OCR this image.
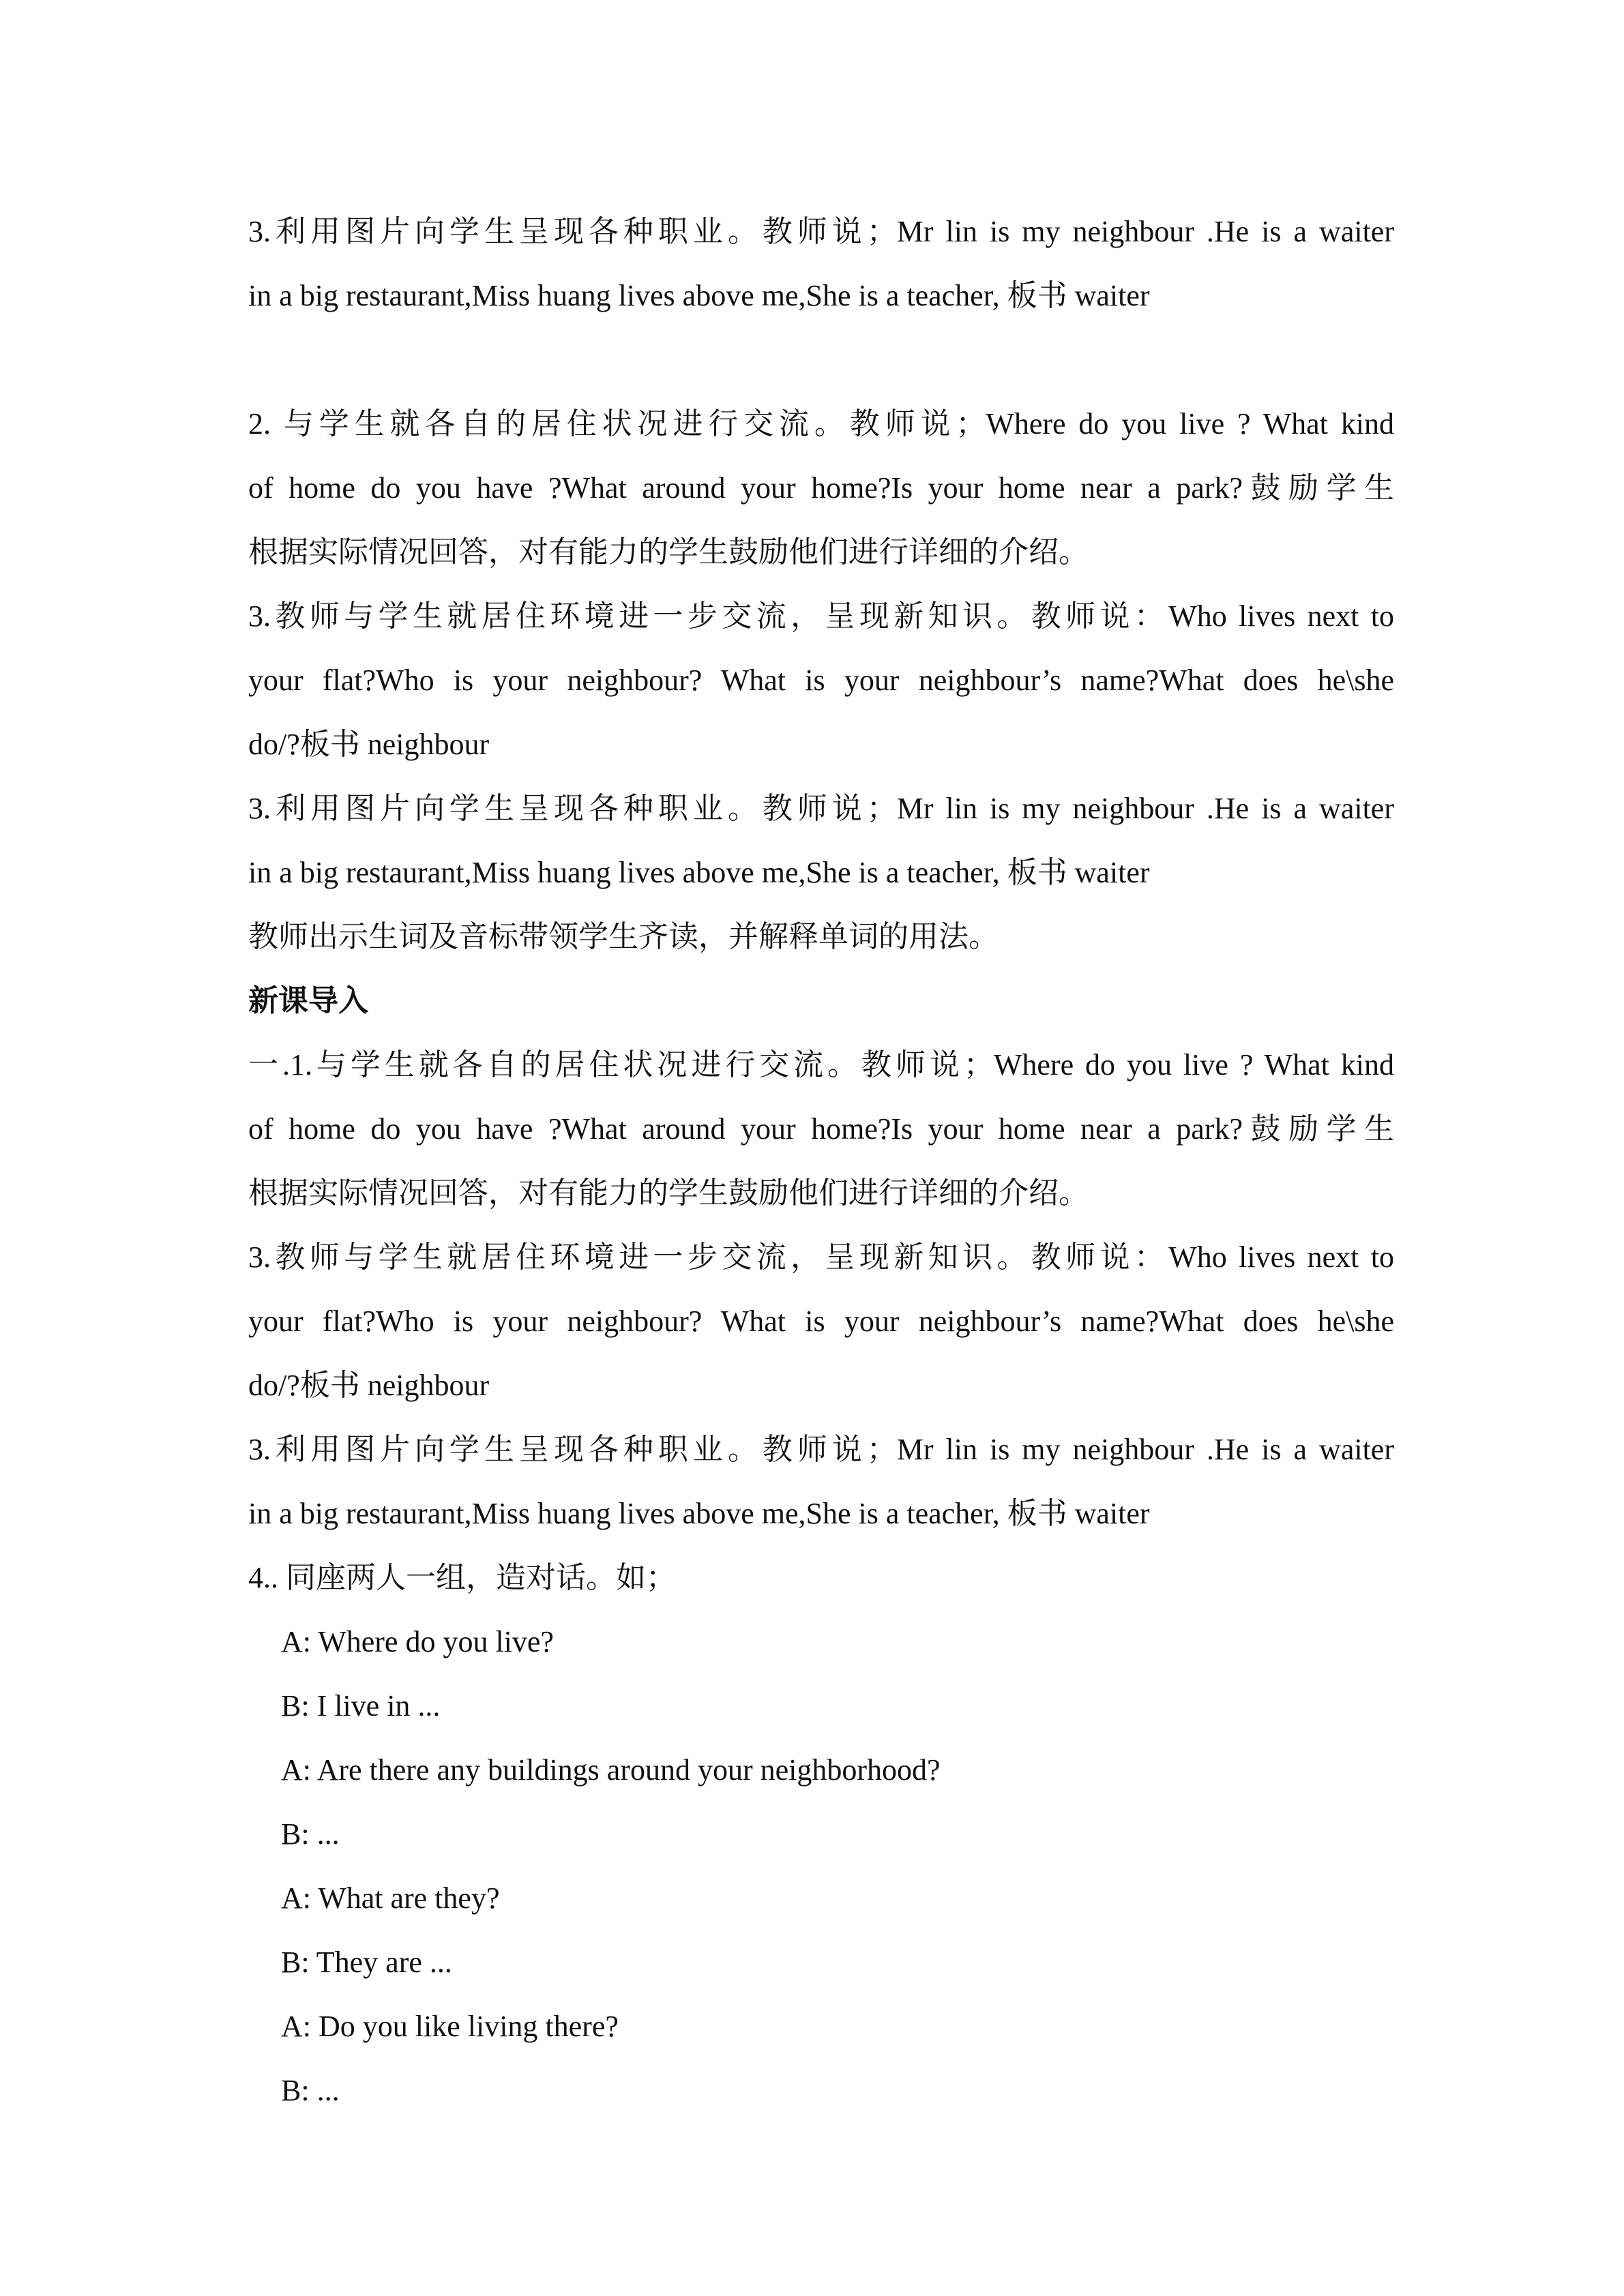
3.利用图片向学生呈现各种职业。教师说；Mr lin is my neighbour .He is a waiter
in a big restaurant,Miss huang lives above me,She is a teacher, 板书 waiter
2. 与学生就各自的居住状况进行交流。教师说；Where do you live ? What kind
of home do you have ?What around your home?Is your home near a park?鼓励学生
根据实际情况回答，对有能力的学生鼓励他们进行详细的介绍。
3.教师与学生就居住环境进一步交流，呈现新知识。教师说：Who lives next to
your flat?Who is your neighbour? What is your neighbour’s name?What does he\she
do/?板书 neighbour
3.利用图片向学生呈现各种职业。教师说；Mr lin is my neighbour .He is a waiter
in a big restaurant,Miss huang lives above me,She is a teacher, 板书 waiter
教师出示生词及音标带领学生齐读，并解释单词的用法。
新课导入
一.1.与学生就各自的居住状况进行交流。教师说；Where do you live ? What kind
of home do you have ?What around your home?Is your home near a park?鼓励学生
根据实际情况回答，对有能力的学生鼓励他们进行详细的介绍。
3.教师与学生就居住环境进一步交流，呈现新知识。教师说：Who lives next to
your flat?Who is your neighbour? What is your neighbour’s name?What does he\she
do/?板书 neighbour
3.利用图片向学生呈现各种职业。教师说；Mr lin is my neighbour .He is a waiter
in a big restaurant,Miss huang lives above me,She is a teacher, 板书 waiter
4.. 同座两人一组，造对话。如；
A: Where do you live?
B: I live in ...
A: Are there any buildings around your neighborhood?
B: ...
A: What are they?
B: They are ...
A: Do you like living there?
B: ...
